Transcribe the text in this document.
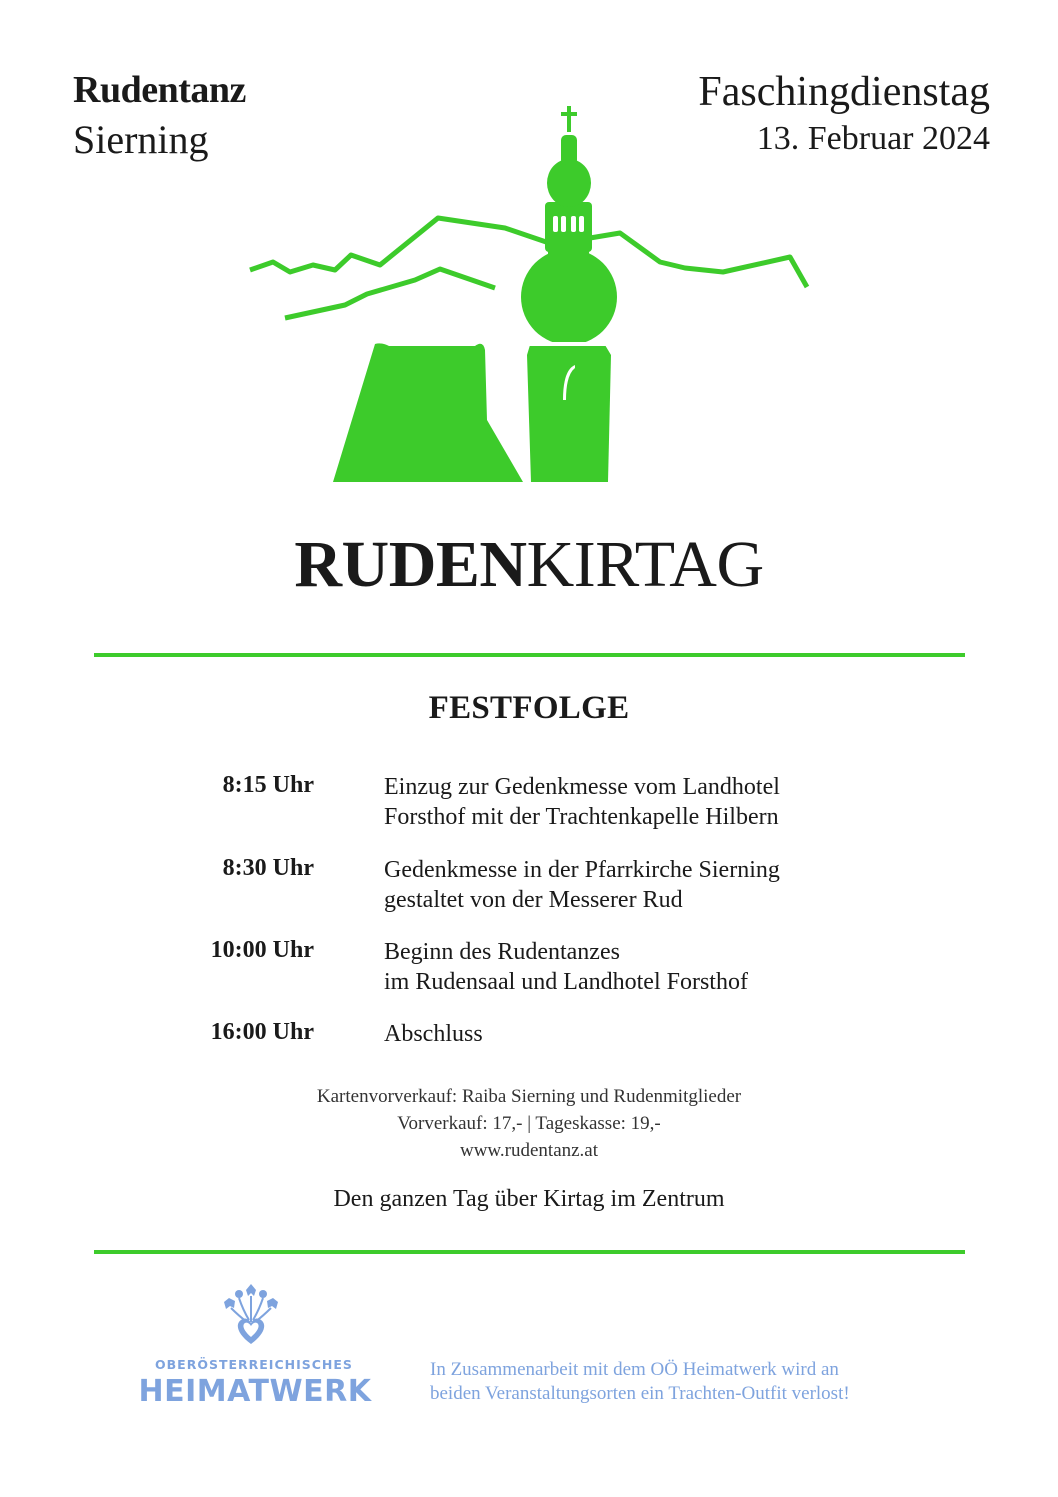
Rudentanz
Sierning
Faschingdienstag
13. Februar 2024
RUDENKIRTAG
FESTFOLGE
8:15 Uhr	Einzug zur Gedenkmesse vom Landhotel
Forsthof mit der Trachtenkapelle Hilbern
8:30 Uhr	Gedenkmesse in der Pfarrkirche Sierning
gestaltet von der Messerer Rud
10:00 Uhr	Beginn des Rudentanzes
im Rudensaal und Landhotel Forsthof
16:00 Uhr	Abschluss
Kartenvorverkauf: Raiba Sierning und Rudenmitglieder
Vorverkauf: 17,- | Tageskasse: 19,-
www.rudentanz.at
Den ganzen Tag über Kirtag im Zentrum
OBERÖSTERREICHISCHES
HEIMATWERK
In Zusammenarbeit mit dem OÖ Heimatwerk wird an
beiden Veranstaltungsorten ein Trachten-Outfit verlost!
